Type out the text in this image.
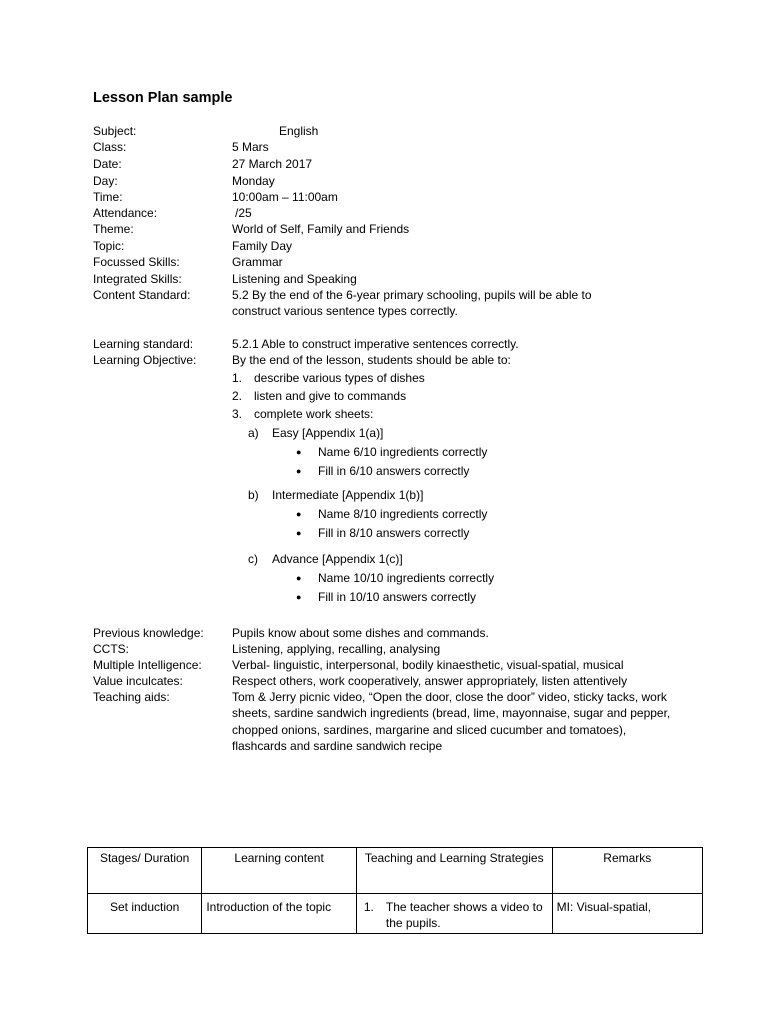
Lesson Plan sample
Subject:	English
Class:	5 Mars
Date:	27 March 2017
Day:	Monday
Time:	10:00am – 11:00am
Attendance:	/25
Theme:	World of Self, Family and Friends
Topic:	Family Day
Focussed Skills:	Grammar
Integrated Skills:	Listening and Speaking
Content Standard:	5.2 By the end of the 6-year primary schooling, pupils will be able to construct various sentence types correctly.
Learning standard:	5.2.1 Able to construct imperative sentences correctly.
Learning Objective:	By the end of the lesson, students should be able to:
1. describe various types of dishes
2. listen and give to commands
3. complete work sheets:
a) Easy [Appendix 1(a)]
● Name 6/10 ingredients correctly
● Fill in 6/10 answers correctly
b) Intermediate [Appendix 1(b)]
● Name 8/10 ingredients correctly
● Fill in 8/10 answers correctly
c) Advance [Appendix 1(c)]
● Name 10/10 ingredients correctly
● Fill in 10/10 answers correctly
Previous knowledge: Pupils know about some dishes and commands.
CCTS:	Listening, applying, recalling, analysing
Multiple Intelligence:	Verbal- linguistic, interpersonal, bodily kinaesthetic, visual-spatial, musical
Value inculcates:	Respect others, work cooperatively, answer appropriately, listen attentively
Teaching aids:	Tom & Jerry picnic video, “Open the door, close the door” video, sticky tacks, work sheets, sardine sandwich ingredients (bread, lime, mayonnaise, sugar and pepper, chopped onions, sardines, margarine and sliced cucumber and tomatoes), flashcards and sardine sandwich recipe
Stages/ Duration	Learning content	Teaching and Learning Strategies	Remarks
Set induction	Introduction of the topic	1. The teacher shows a video to the pupils.	MI: Visual-spatial,
